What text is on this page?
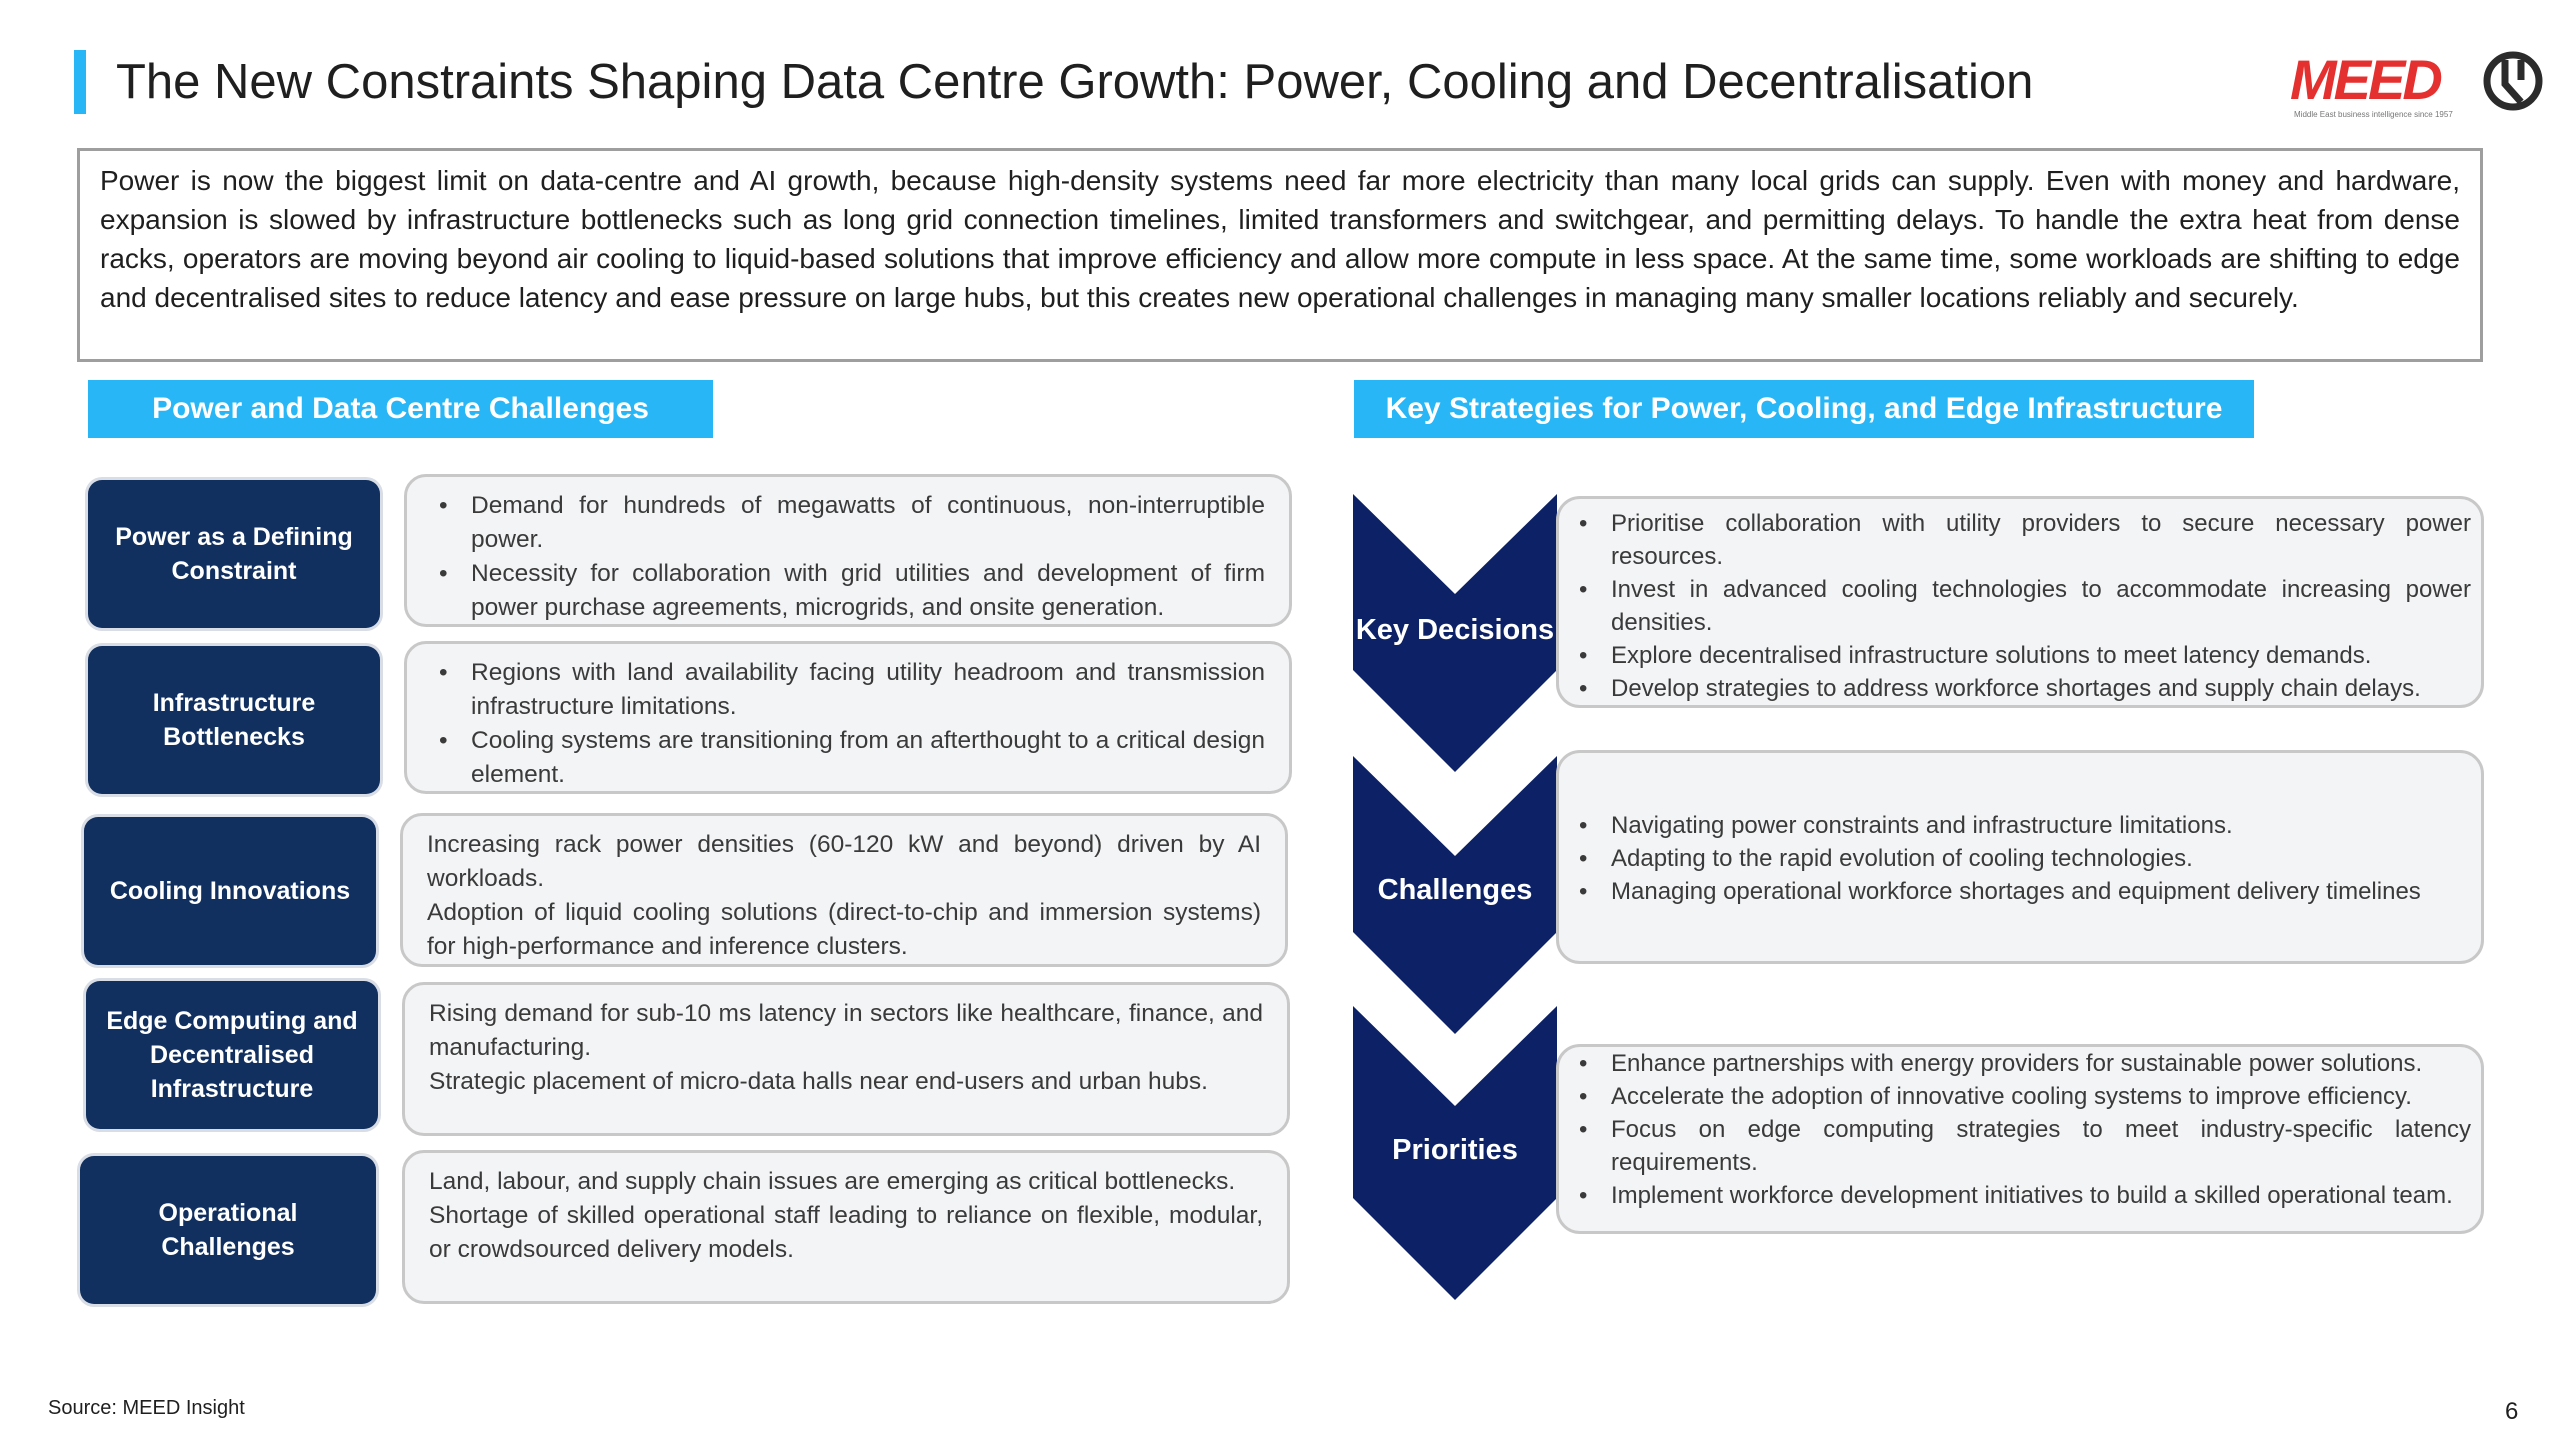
The New Constraints Shaping Data Centre Growth: Power, Cooling and Decentralisation	MEED
Middle East business intelligence since 1957
Power is now the biggest limit on data-centre and AI growth, because high-density systems need far more electricity than many local grids can supply. Even with money and hardware, expansion is slowed by infrastructure bottlenecks such as long grid connection timelines, limited transformers and switchgear, and permitting delays. To handle the extra heat from dense racks, operators are moving beyond air cooling to liquid-based solutions that improve efficiency and allow more compute in less space. At the same time, some workloads are shifting to edge and decentralised sites to reduce latency and ease pressure on large hubs, but this creates new operational challenges in managing many smaller locations reliably and securely.
Power and Data Centre Challenges	Key Strategies for Power, Cooling, and Edge Infrastructure
Power as a Defining Constraint
• Demand for hundreds of megawatts of continuous, non-interruptible power.
• Necessity for collaboration with grid utilities and development of firm power purchase agreements, microgrids, and onsite generation.
Infrastructure Bottlenecks
• Regions with land availability facing utility headroom and transmission infrastructure limitations.
• Cooling systems are transitioning from an afterthought to a critical design element.
Cooling Innovations
Increasing rack power densities (60-120 kW and beyond) driven by AI workloads.
Adoption of liquid cooling solutions (direct-to-chip and immersion systems) for high-performance and inference clusters.
Edge Computing and Decentralised Infrastructure
Rising demand for sub-10 ms latency in sectors like healthcare, finance, and manufacturing.
Strategic placement of micro-data halls near end-users and urban hubs.
Operational Challenges
Land, labour, and supply chain issues are emerging as critical bottlenecks.
Shortage of skilled operational staff leading to reliance on flexible, modular, or crowdsourced delivery models.
Key Decisions
• Prioritise collaboration with utility providers to secure necessary power resources.
• Invest in advanced cooling technologies to accommodate increasing power densities.
• Explore decentralised infrastructure solutions to meet latency demands.
• Develop strategies to address workforce shortages and supply chain delays.
Challenges
• Navigating power constraints and infrastructure limitations.
• Adapting to the rapid evolution of cooling technologies.
• Managing operational workforce shortages and equipment delivery timelines
Priorities
• Enhance partnerships with energy providers for sustainable power solutions.
• Accelerate the adoption of innovative cooling systems to improve efficiency.
• Focus on edge computing strategies to meet industry-specific latency requirements.
• Implement workforce development initiatives to build a skilled operational team.
Source: MEED Insight	6
